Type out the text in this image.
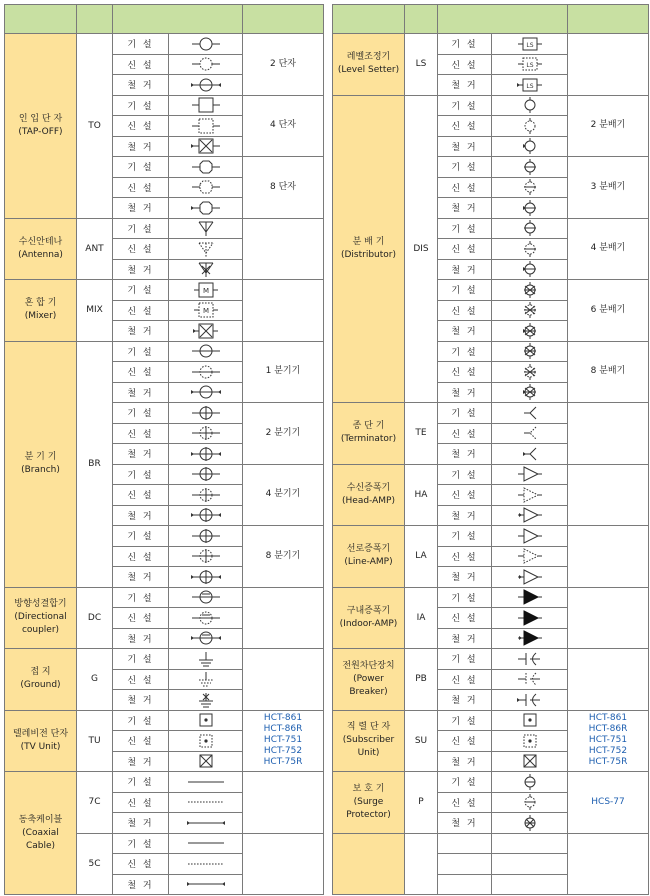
인 입 단 자
(TAP-OFF)	TO	기 설		2 단자
		신 설	

		철 거	

		기 설		4 단자
		신 설	

		철 거	

		기 설		8 단자
		신 설	

		철 거	

수신안테나
(Antenna)	ANT	기 설	

		신 설	

		철 거	

혼 합 기
(Mixer)	MIX	기 설	M	

		신 설	M	

		철 거	

분 기 기
(Branch)	BR	기 설		1 분기기
		신 설	

		철 거	

		기 설		2 분기기
		신 설	

		철 거	

		기 설		4 분기기
		신 설	

		철 거	

		기 설		8 분기기
		신 설	

		철 거	

방향성결합기
(Directional
coupler)	DC	기 설	

		신 설	

		철 거	

접 지
(Ground)	G	기 설	

		신 설	

		철 거	

텔레비전 단자
(TV Unit)	TU	기 설		HCT-861
HCT-86R
HCT-751
HCT-752
HCT-75R
		신 설	

		철 거	

동축케이블
(Coaxial
Cable)	7C	기 설	

		신 설	

		철 거	

	5C	기 설	

		신 설	

		철 거	

레벨조정기
(Level Setter)	LS	기 설	LS	

		신 설	LS	

		철 거	LS	

분 배 기
(Distributor)	DIS	기 설		2 분배기
		신 설	

		철 거	

		기 설		3 분배기
		신 설	

		철 거	

		기 설		4 분배기
		신 설	

		철 거	

		기 설		6 분배기
		신 설	

		철 거	

		기 설		8 분배기
		신 설	

		철 거	

종 단 기
(Terminator)	TE	기 설	

		신 설	

		철 거	

수신증폭기
(Head-AMP)	HA	기 설	

		신 설	

		철 거	

선로증폭기
(Line-AMP)	LA	기 설	

		신 설	

		철 거	

구내증폭기
(Indoor-AMP)	IA	기 설	

		신 설	

		철 거	

전원차단장치
(Power
Breaker)	PB	기 설	

		신 설	

		철 거	

직 렬 단 자
(Subscriber
Unit)	SU	기 설		HCT-861
HCT-86R
HCT-751
HCT-752
HCT-75R
		신 설	

		철 거	

보 호 기
(Surge
Protector)	P	기 설		HCS-77
		신 설	

		철 거	
